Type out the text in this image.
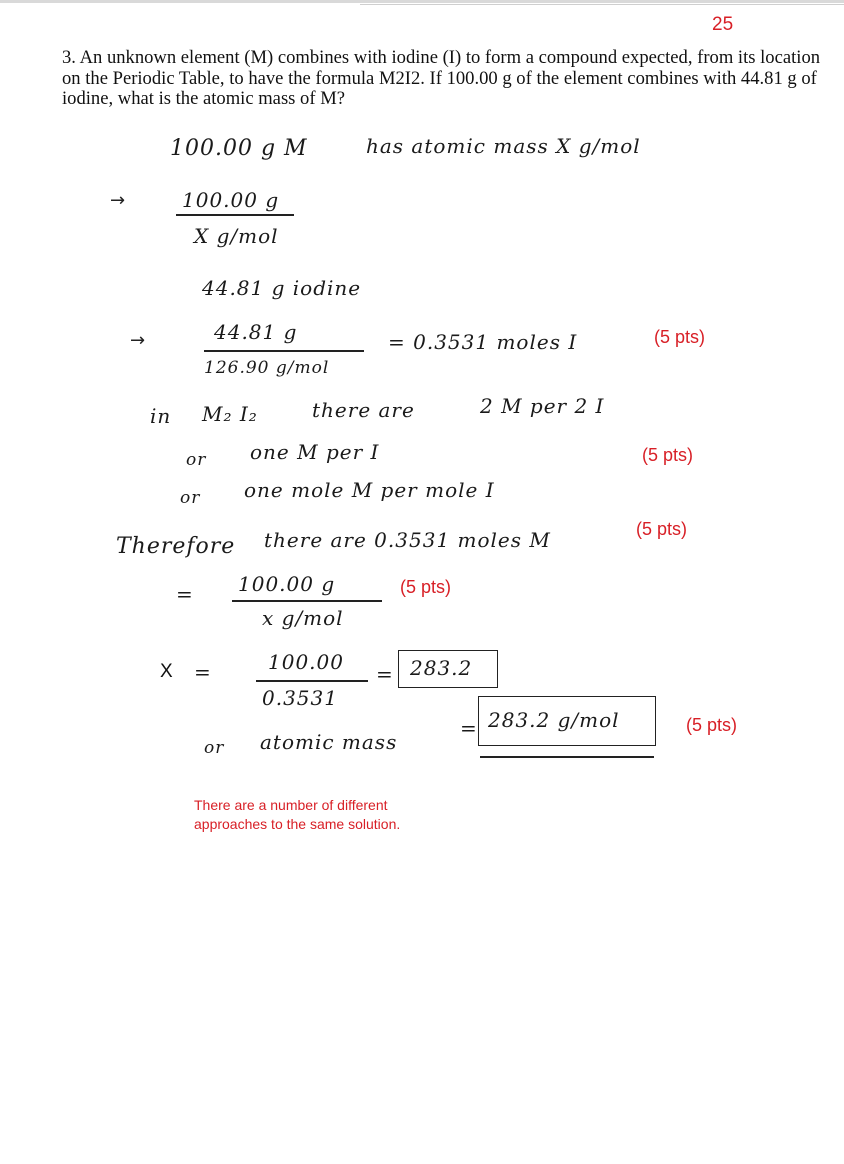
25

3. An unknown element (M) combines with iodine (I) to form a compound expected, from its location on the Periodic Table, to have the formula M2I2. If 100.00 g of the element combines with 44.81 g of iodine, what is the atomic mass of M?

100.00 g M	has atomic mass X g/mol
→	100.00 g
X g/mol
44.81 g iodine
→	44.81 g
126.90 g/mol
= 0.3531 moles I	(5 pts)
in M₂ I₂	there are	2 M per 2 I
or one M per I	(5 pts)
or one mole M per mole I
Therefore there are 0.3531 moles M	(5 pts)
= 100.00 g
x g/mol
(5 pts)
X =	100.00
0.3531
= 283.2
or atomic mass
= 283.2 g/mol	(5 pts)

There are a number of different
approaches to the same solution.
